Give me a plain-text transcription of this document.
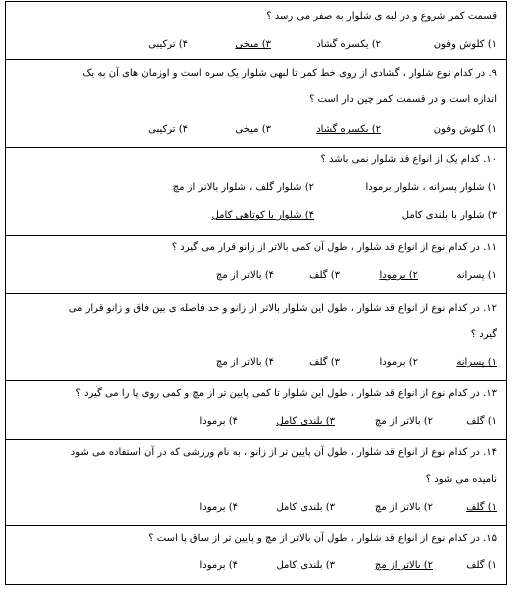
قسمت کمر شروع و در لبه ی شلوار به صفر می رسد ؟
۱) کلوش وفون
۲) یکسره گشاد
۳) میخی
۴) ترکیبی
۹. در کدام نوع شلوار ، گشادی از روی خط کمر تا لبهی شلوار یک سره است و اوزمان های آن به یک
اندازه است و در قسمت کمر چین دار است ؟
۱) کلوش وفون
۲) یکسره گشاد
۳) میخی
۴) ترکیبی
۱۰. کدام یک از انواع قد شلوار نمی باشد ؟
۱) شلوار پسرانه ، شلوار برمودا
۲) شلوار گلف ، شلوار بالاتر از مچ
۳) شلوار با بلندی کامل
۴) شلوار با کوتاهی کامل
۱۱. در کدام نوع از انواع قد شلوار ، طول آن کمی بالاتر از زانو قرار می گیرد ؟
۱) پسرانه
۲) برمودا
۳) گلف
۴) بالاتر از مچ
۱۲. در کدام نوع از انواع قد شلوار ، طول این شلوار بالاتر از زانو و حد فاصله ی بین فاق و زانو قرار می
گیرد ؟
۱) پسرانه
۲) برمودا
۳) گلف
۴) بالاتر از مچ
۱۳. در کدام نوع از انواع قد شلوار ، طول این شلوار تا کمی پایین تر از مچ و کمی روی پا را می گیرد ؟
۱) گلف
۲) بالاتر از مچ
۳) بلندی کامل
۴) برمودا
۱۴. در کدام نوع از انواع قد شلوار ، طول آن پایین تر از زانو ، به نام ورزشی که در آن استفاده می شود
نامیده می شود ؟
۱) گلف
۲) بالاتر از مچ
۳) بلندی کامل
۴) برمودا
۱۵. در کدام نوع از انواع قد شلوار ، طول آن بالاتر از مچ و پایین تر از ساق پا است ؟
۱) گلف
۲) بالاتر از مچ
۳) بلندی کامل
۴) برمودا
